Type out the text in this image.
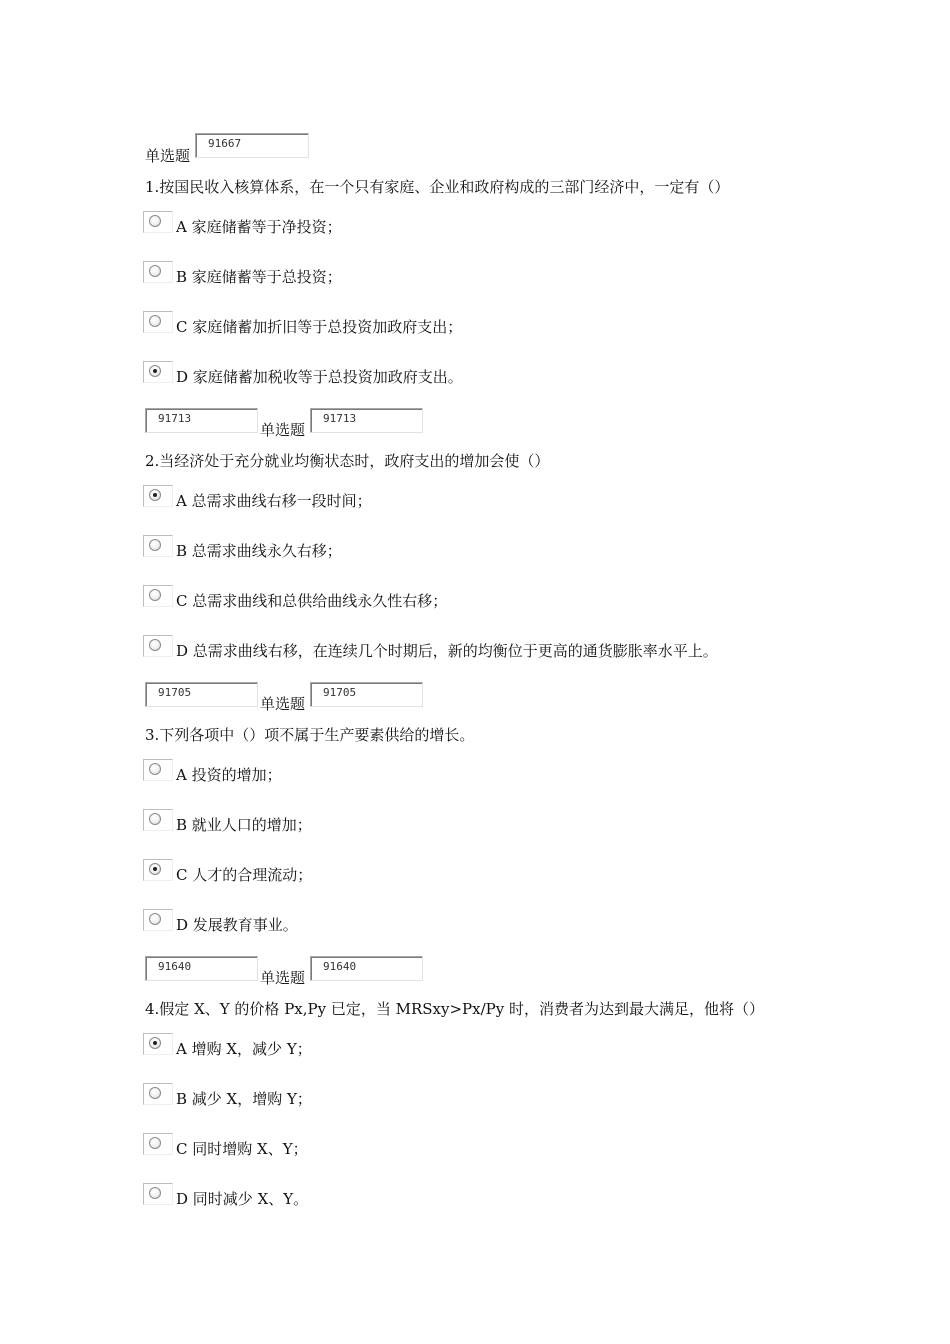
单选题
91667
1.按国民收入核算体系，在一个只有家庭、企业和政府构成的三部门经济中，一定有（）
A 家庭储蓄等于净投资；
B 家庭储蓄等于总投资；
C 家庭储蓄加折旧等于总投资加政府支出；
D 家庭储蓄加税收等于总投资加政府支出。
91713
单选题
91713
2.当经济处于充分就业均衡状态时，政府支出的增加会使（）
A 总需求曲线右移一段时间；
B 总需求曲线永久右移；
C 总需求曲线和总供给曲线永久性右移；
D 总需求曲线右移，在连续几个时期后，新的均衡位于更高的通货膨胀率水平上。
91705
单选题
91705
3.下列各项中（）项不属于生产要素供给的增长。
A 投资的增加；
B 就业人口的增加；
C 人才的合理流动；
D 发展教育事业。
91640
单选题
91640
4.假定 X、Y 的价格 Px,Py 已定，当 MRSxy>Px/Py 时，消费者为达到最大满足，他将（）
A 增购 X，减少 Y；
B 减少 X，增购 Y；
C 同时增购 X、Y；
D 同时减少 X、Y。
